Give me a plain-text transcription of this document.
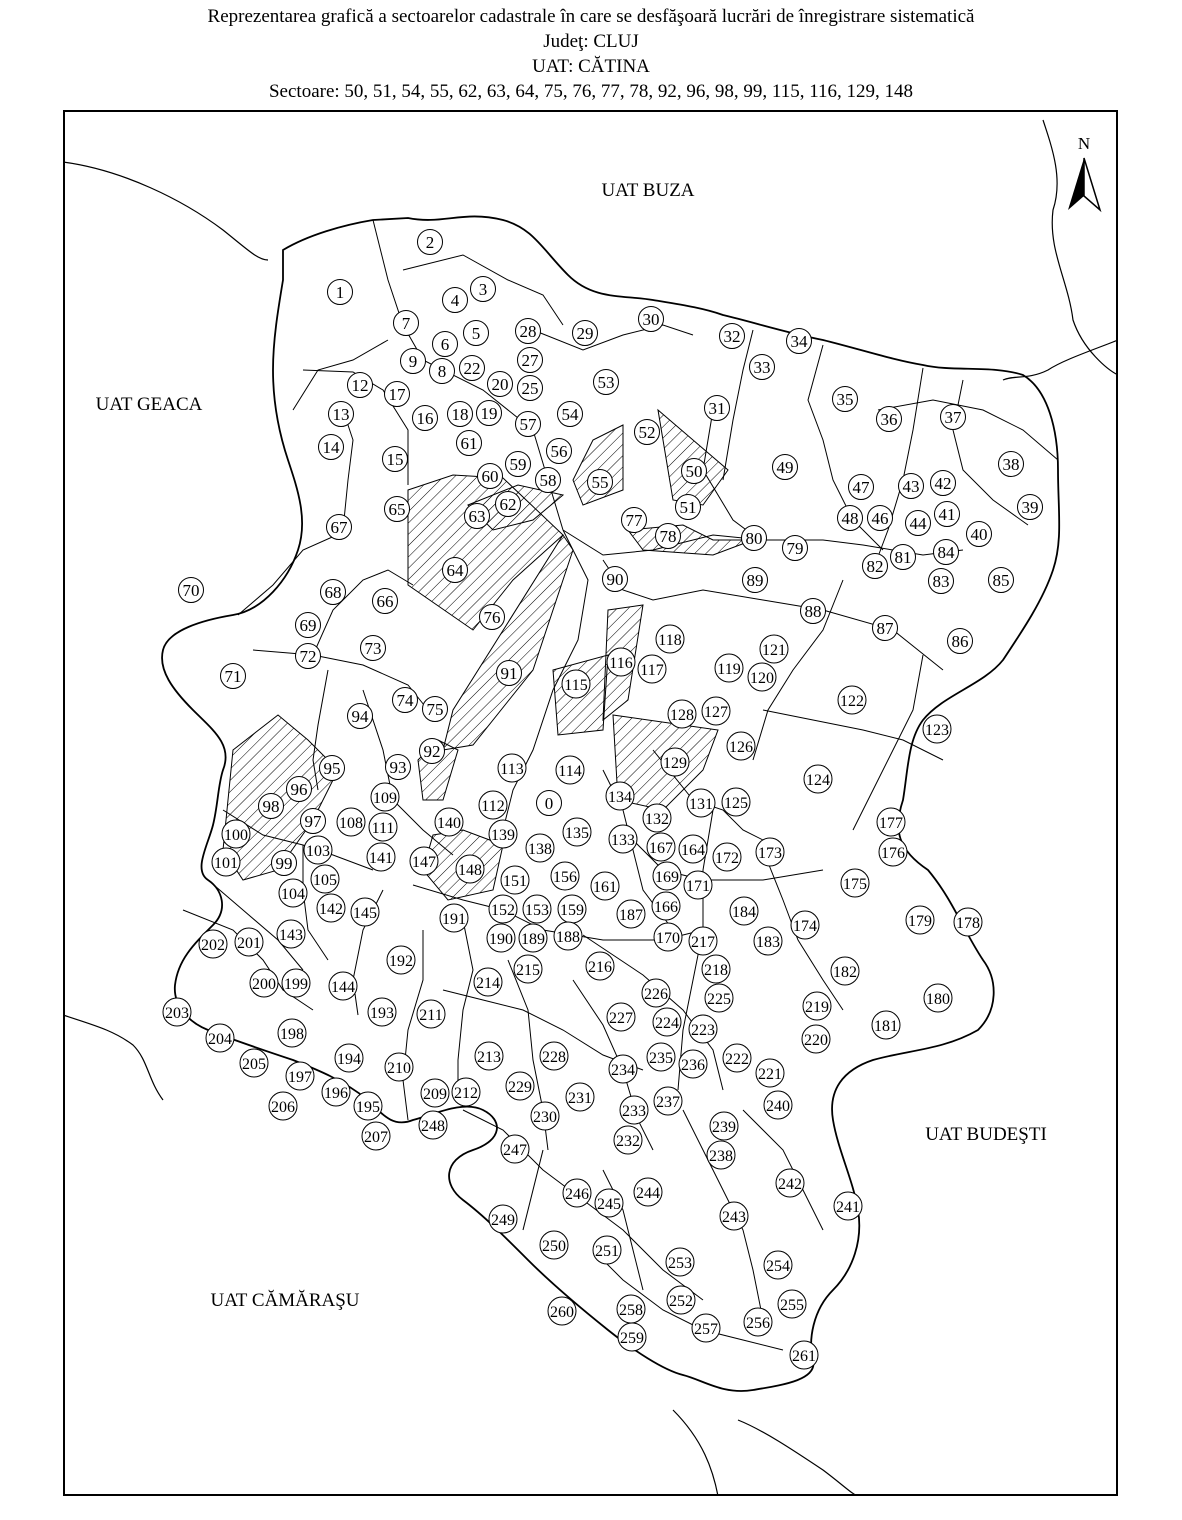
Reprezentarea grafică a sectoarelor cadastrale în care se desfăşoară lucrări de înregistrare sistematică
Judeţ: CLUJ
UAT: CĂTINA
Sectoare: 50, 51, 54, 55, 62, 63, 64, 75, 76, 77, 78, 92, 96, 98, 99, 115, 116, 129, 148
1
2
3
4
5
6
7
8
9
12
13
14
15
16
17
18 19
20
22
25
27
28 29
30
31
32
33
34
35
36	37
38
39
40
41
42
43
44
46
47
48
49
50
51
52
53
54
55
56
57
58
59
60
61
62
63
64
65
66
67
68
69
70
71
72	73
74 75
76
77
78
79
80
81
82
83
84
85
86
87
88
89
90
91
92
93
94
95
96
97
98
99
100
101
103
104
105
108
109
111
112
113 114
115
116 117
118
119
120
121
122
123
124
125
126
127
128
129
131
132
133
134
135
138
139
140
141
142
143
144
145
147 148
151
152 153
156
159
161
164
166
167
169
170
171
172 173
174
175
176
177
178
179
180
181
182
183
184
187
188
189
190
191
192
193
194
195
196
197
198
199
200
201
202
203
204
205
206
207
209
210
211
212
213
214
215	216
217
218
219
220
221
222
223
224
225
226
227
228
229
230
231
232
233
234
235 236
237
238
239
240
241
242
243
244
245
246
247
248
249
250 251
252
253	254
255
256
257
258
259
260
261
0
UAT BUZA
UAT GEACA
UAT BUDEŞTI
UAT CĂMĂRAŞU
N
